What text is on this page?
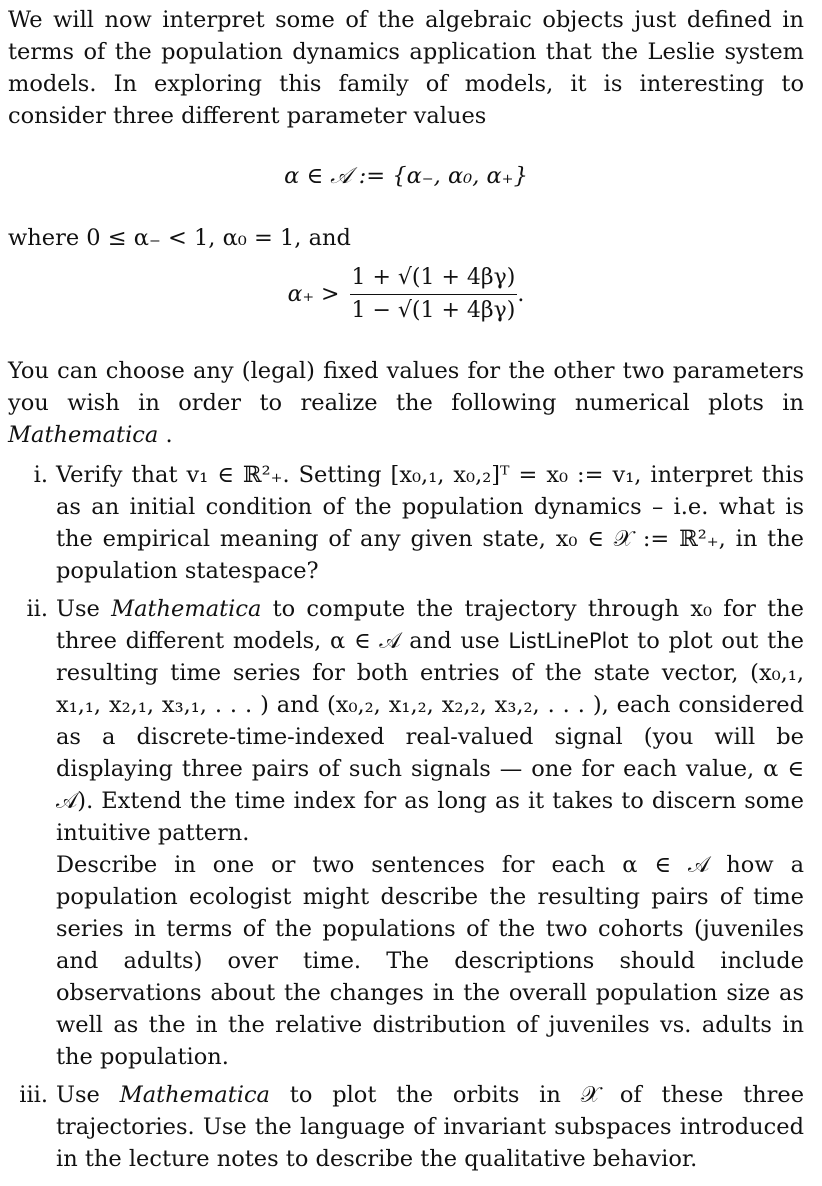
We will now interpret some of the algebraic objects just defined in terms of the population dynamics application that the Leslie system models. In exploring this family of models, it is interesting to consider three different parameter values

α ∈ 𝒜 := {α₋, α₀, α₊}

where 0 ≤ α₋ < 1, α₀ = 1, and

$\alpha_+ > \frac{1 + √(1 + 4\beta\gamma)}{1 - √(1 + 4\beta\gamma)}$ .

You can choose any (legal) fixed values for the other two parameters you wish in order to realize the following numerical plots in Mathematica .

i. Verify that v₁ ∈ ℝ²₊. Setting [x₀,₁, x₀,₂]ᵀ = x₀ := v₁, interpret this as an initial condition of the population dynamics – i.e. what is the empirical meaning of any given state, x₀ ∈ 𝒳 := ℝ²₊, in the population statespace?
ii. Use Mathematica to compute the trajectory through x₀ for the three different models, α ∈ 𝒜 and use ListLinePlot to plot out the resulting time series for both entries of the state vector, (x₀,₁, x₁,₁, x₂,₁, x₃,₁, . . . ) and (x₀,₂, x₁,₂, x₂,₂, x₃,₂, . . . ), each considered as a discrete-time-indexed real-valued signal (you will be displaying three pairs of such signals — one for each value, α ∈ 𝒜). Extend the time index for as long as it takes to discern some intuitive pattern.
Describe in one or two sentences for each α ∈ 𝒜 how a population ecologist might describe the resulting pairs of time series in terms of the populations of the two cohorts (juveniles and adults) over time. The descriptions should include observations about the changes in the overall population size as well as the in the relative distribution of juveniles vs. adults in the population.
iii. Use Mathematica to plot the orbits in 𝒳 of these three trajectories. Use the language of invariant subspaces introduced in the lecture notes to describe the qualitative behavior.
